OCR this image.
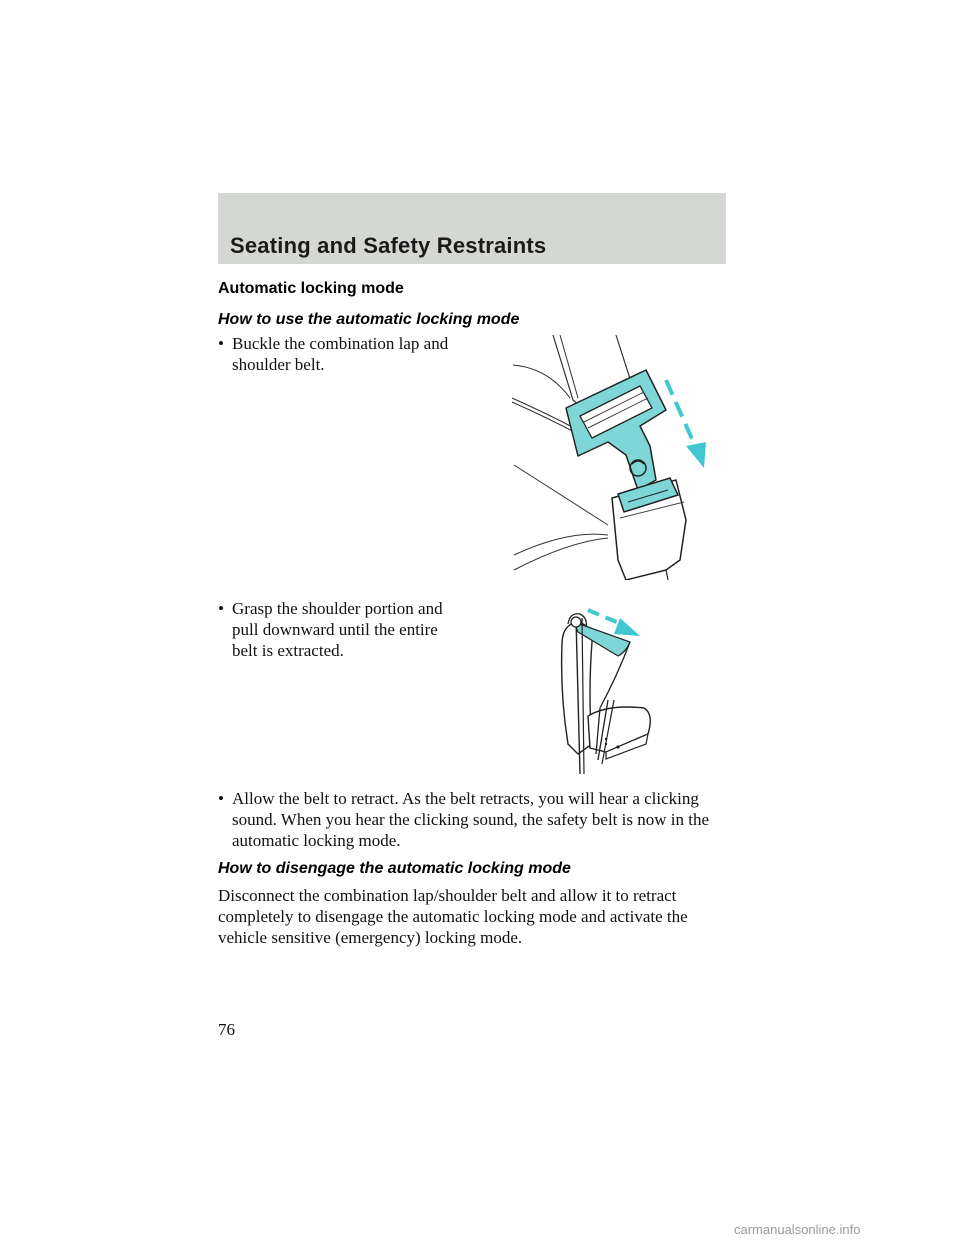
Seating and Safety Restraints
Automatic locking mode
How to use the automatic locking mode
• Buckle the combination lap and
shoulder belt.
• Grasp the shoulder portion and
pull downward until the entire
belt is extracted.
• Allow the belt to retract. As the belt retracts, you will hear a clicking
sound. When you hear the clicking sound, the safety belt is now in the
automatic locking mode.
How to disengage the automatic locking mode
Disconnect the combination lap/shoulder belt and allow it to retract
completely to disengage the automatic locking mode and activate the
vehicle sensitive (emergency) locking mode.
76
carmanualsonline.info
